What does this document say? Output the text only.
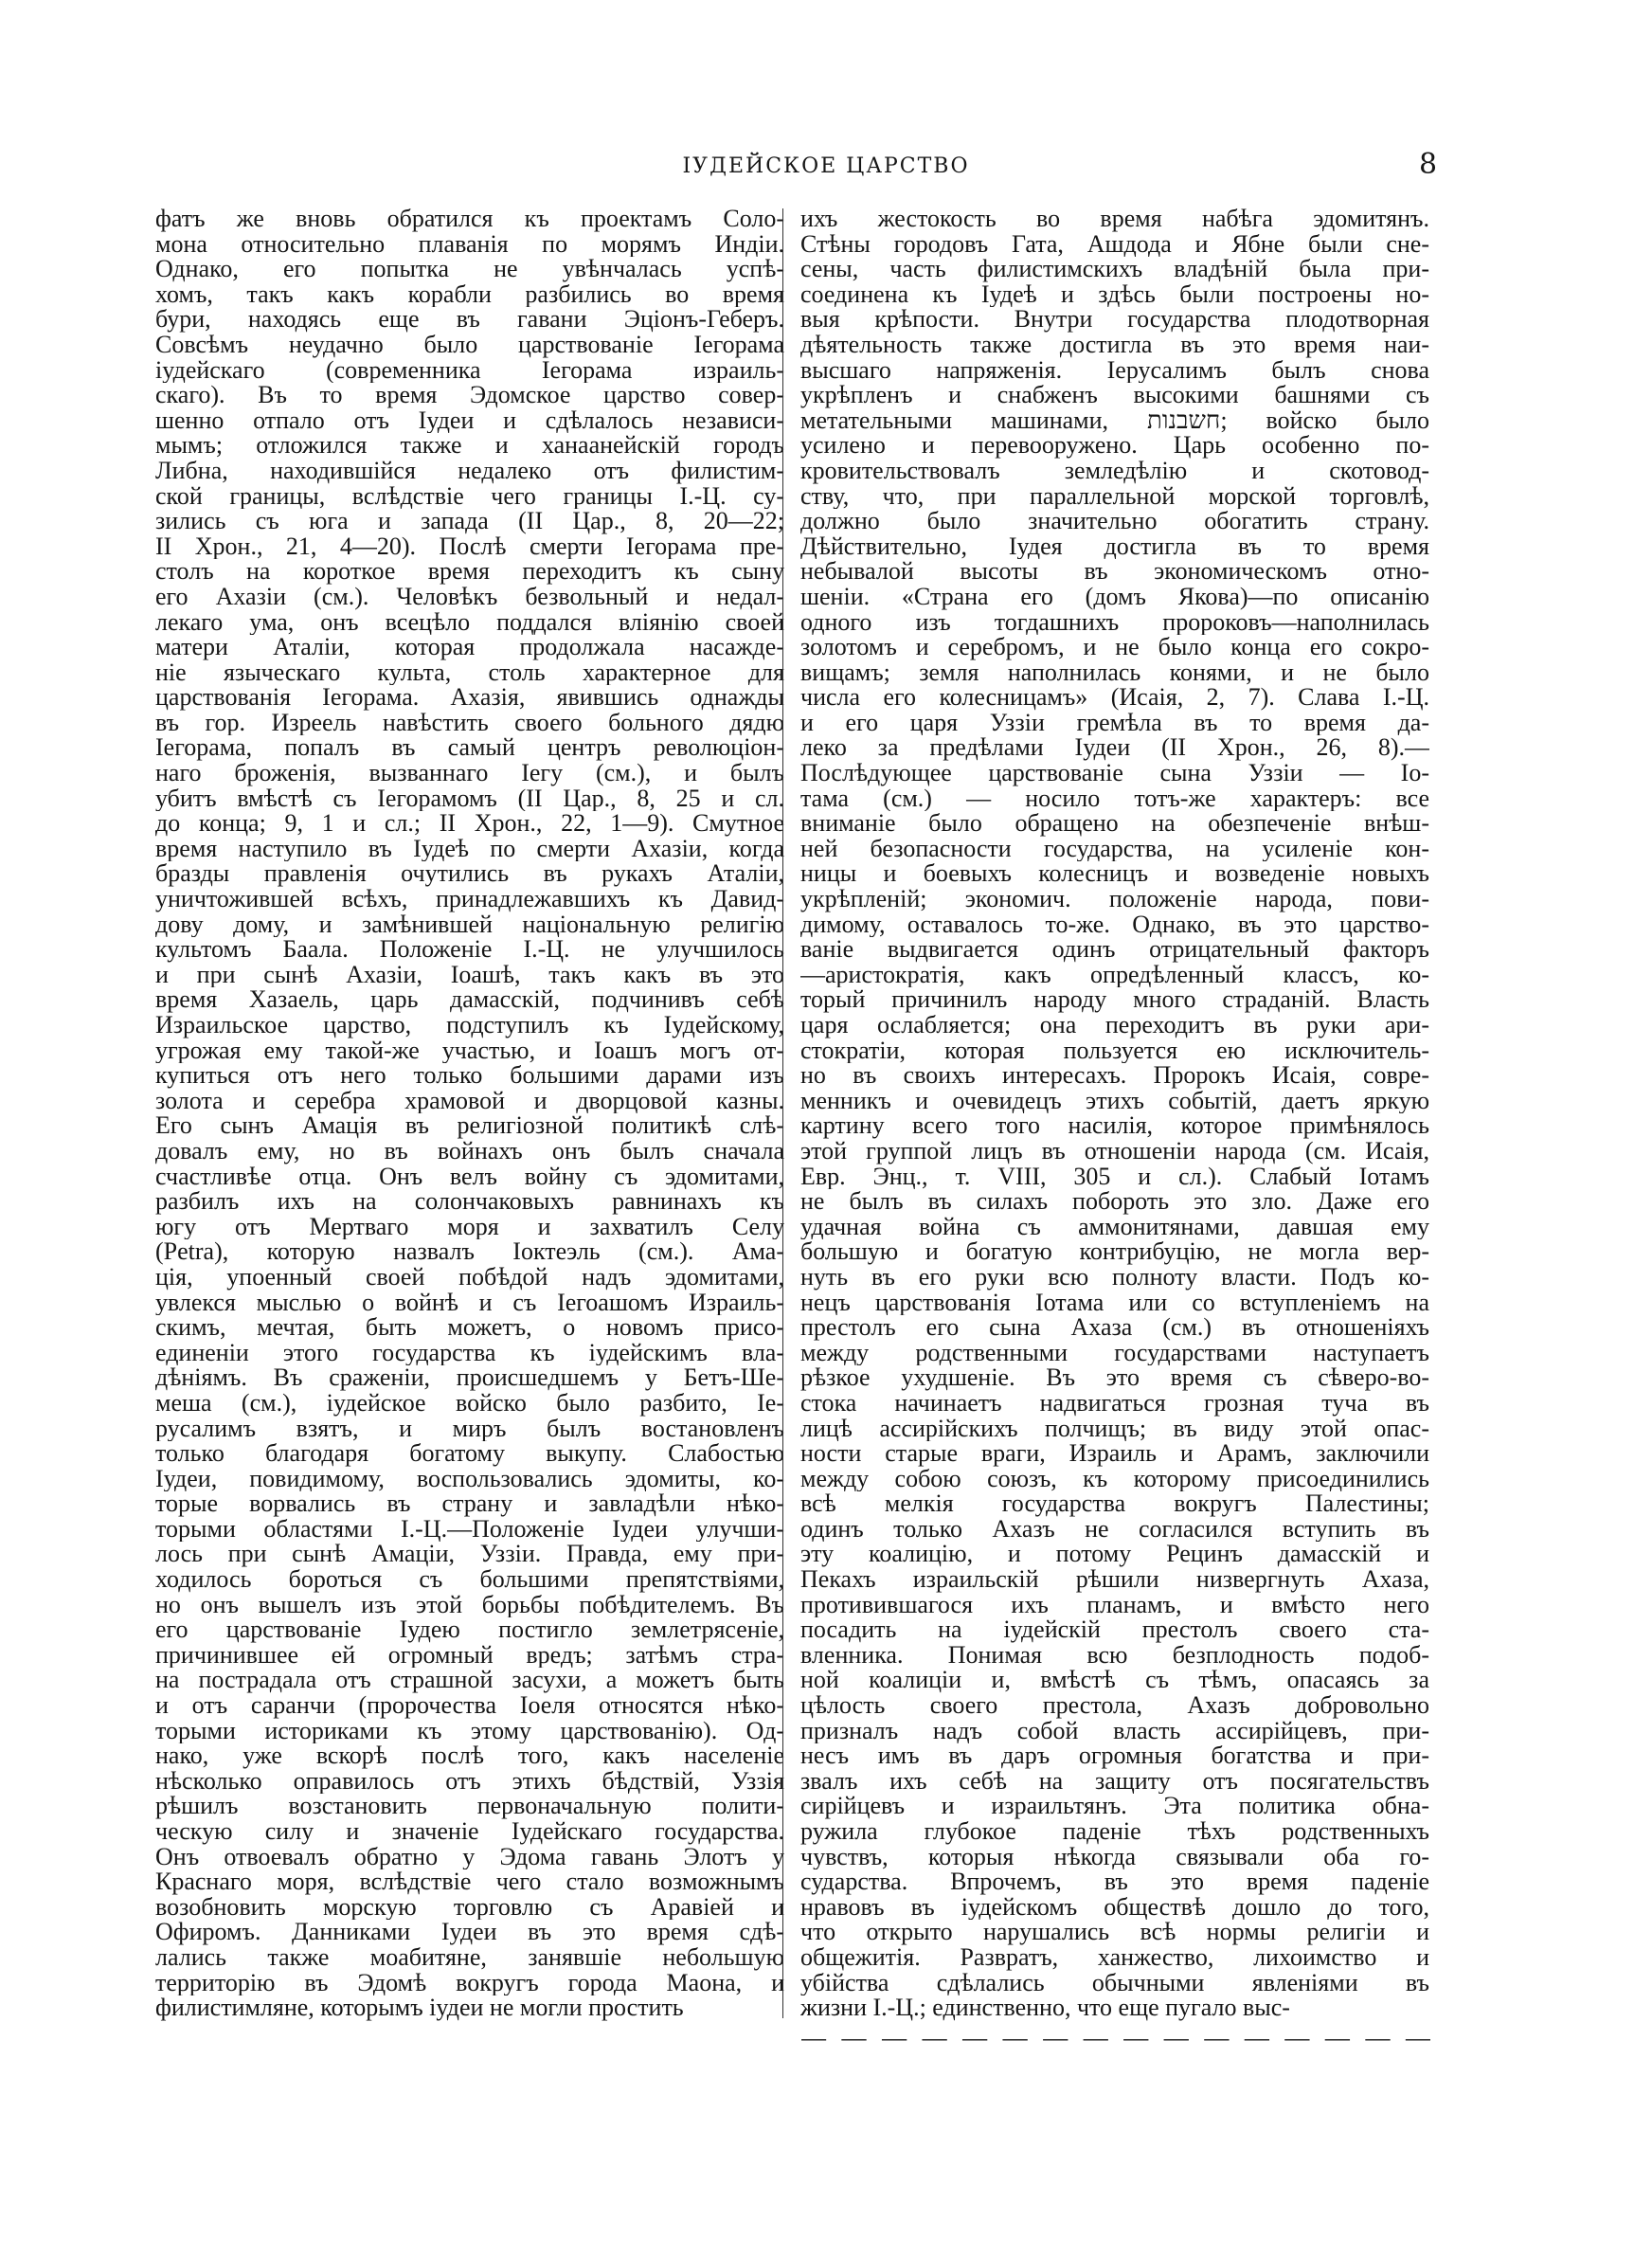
ІУДЕЙСКОЕ ЦАРСТВО	8
фатъ же вновь обратился къ проектамъ Соло-
мона относительно плаванія по морямъ Индіи.
Однако, его попытка не увѣнчалась успѣ-
хомъ, такъ какъ корабли разбились во время
бури, находясь еще въ гавани Эціонъ-Геберъ.
Совсѣмъ неудачно было царствованіе Іегорама
іудейскаго (современника Іегорама израиль-
скаго). Въ то время Эдомское царство совер-
шенно отпало отъ Іудеи и сдѣлалось независи-
мымъ; отложился также и ханаанейскій городъ
Либна, находившійся недалеко отъ филистим-
ской границы, вслѣдствіе чего границы І.-Ц. су-
зились съ юга и запада (II Цар., 8, 20—22;
II Хрон., 21, 4—20). Послѣ смерти Іегорама пре-
столъ на короткое время переходитъ къ сыну
его Ахазіи (см.). Человѣкъ безвольный и недал-
лекаго ума, онъ всецѣло поддался вліянію своей
матери Аталіи, которая продолжала насажде-
ніе языческаго культа, столь характерное для
царствованія Іегорама. Ахазія, явившись однажды
въ гор. Изреель навѣстить своего больного дядю
Іегорама, попалъ въ самый центръ революціон-
наго броженія, вызваннаго Іегу (см.), и былъ
убитъ вмѣстѣ съ Іегорамомъ (II Цар., 8, 25 и сл.
до конца; 9, 1 и сл.; II Хрон., 22, 1—9). Смутное
время наступило въ Іудеѣ по смерти Ахазіи, когда
бразды правленія очутились въ рукахъ Аталіи,
уничтожившей всѣхъ, принадлежавшихъ къ Давид-
дову дому, и замѣнившей національную религію
культомъ Баала. Положеніе І.-Ц. не улучшилось
и при сынѣ Ахазіи, Іоашѣ, такъ какъ въ это
время Хазаель, царь дамасскій, подчинивъ себѣ
Израильское царство, подступилъ къ Іудейскому,
угрожая ему такой-же участью, и Іоашъ могъ от-
купиться отъ него только большими дарами изъ
золота и серебра храмовой и дворцовой казны.
Его сынъ Амація въ религіозной политикѣ слѣ-
довалъ ему, но въ войнахъ онъ былъ сначала
счастливѣе отца. Онъ велъ войну съ эдомитами,
разбилъ ихъ на солончаковыхъ равнинахъ къ
югу отъ Мертваго моря и захватилъ Селу
(Petra), которую назвалъ Іоктеэль (см.). Ама-
ція, упоенный своей побѣдой надъ эдомитами,
увлекся мыслью о войнѣ и съ Іегоашомъ Израиль-
скимъ, мечтая, быть можетъ, о новомъ присо-
единеніи этого государства къ іудейскимъ вла-
дѣніямъ. Въ сраженіи, происшедшемъ у Бетъ-Ше-
меша (см.), іудейское войско было разбито, Іе-
русалимъ взятъ, и миръ былъ востановленъ
только благодаря богатому выкупу. Слабостью
Іудеи, повидимому, воспользовались эдомиты, ко-
торые ворвались въ страну и завладѣли нѣко-
торыми областями І.-Ц.—Положеніе Іудеи улучши-
лось при сынѣ Амаціи, Уззіи. Правда, ему при-
ходилось бороться съ большими препятствіями,
но онъ вышелъ изъ этой борьбы побѣдителемъ. Въ
его царствованіе Іудею постигло землетрясеніе,
причинившее ей огромный вредъ; затѣмъ стра-
на пострадала отъ страшной засухи, а можетъ быть
и отъ саранчи (пророчества Іоеля относятся нѣко-
торыми историками къ этому царствованію). Од-
нако, уже вскорѣ послѣ того, какъ населеніе
нѣсколько оправилось отъ этихъ бѣдствій, Уззія
рѣшилъ возстановить первоначальную полити-
ческую силу и значеніе Іудейскаго государства.
Онъ отвоевалъ обратно у Эдома гавань Элотъ у
Краснаго моря, вслѣдствіе чего стало возможнымъ
возобновить морскую торговлю съ Аравіей и
Офиромъ. Данниками Іудеи въ это время сдѣ-
лались также моабитяне, занявшіе небольшую
территорію въ Эдомѣ вокругъ города Маона, и
филистимляне, которымъ іудеи не могли простить
ихъ жестокость во время набѣга эдомитянъ.
Стѣны городовъ Гата, Ашдода и Ябне были сне-
сены, часть филистимскихъ владѣній была при-
соединена къ Іудеѣ и здѣсь были построены но-
выя крѣпости. Внутри государства плодотворная
дѣятельность также достигла въ это время наи-
высшаго напряженія. Іерусалимъ былъ снова
укрѣпленъ и снабженъ высокими башнями съ
метательными машинами, חשבנות; войско было
усилено и перевооружено. Царь особенно по-
кровительствовалъ земледѣлію и скотовод-
ству, что, при параллельной морской торговлѣ,
должно было значительно обогатить страну.
Дѣйствительно, Іудея достигла въ то время
небывалой высоты въ экономическомъ отно-
шеніи. «Страна его (домъ Якова)—по описанію
одного изъ тогдашнихъ пророковъ—наполнилась
золотомъ и серебромъ, и не было конца его сокро-
вищамъ; земля наполнилась конями, и не было
числа его колесницамъ» (Исаія, 2, 7). Слава І.-Ц.
и его царя Уззіи гремѣла въ то время да-
леко за предѣлами Іудеи (II Хрон., 26, 8).—
Послѣдующее царствованіе сына Уззіи — Іо-
тама (см.) — носило тотъ-же характеръ: все
вниманіе было обращено на обезпеченіе внѣш-
ней безопасности государства, на усиленіе кон-
ницы и боевыхъ колесницъ и возведеніе новыхъ
укрѣпленій; экономич. положеніе народа, пови-
димому, оставалось то-же. Однако, въ это царство-
ваніе выдвигается одинъ отрицательный факторъ
—аристократія, какъ опредѣленный классъ, ко-
торый причинилъ народу много страданій. Власть
царя ослабляется; она переходитъ въ руки ари-
стократіи, которая пользуется ею исключитель-
но въ своихъ интересахъ. Пророкъ Исаія, совре-
менникъ и очевидецъ этихъ событій, даетъ яркую
картину всего того насилія, которое примѣнялось
этой группой лицъ въ отношеніи народа (см. Исаія,
Евр. Энц., т. VIII, 305 и сл.). Слабый Іотамъ
не былъ въ силахъ побороть это зло. Даже его
удачная война съ аммонитянами, давшая ему
большую и богатую контрибуцію, не могла вер-
нуть въ его руки всю полноту власти. Подъ ко-
нецъ царствованія Іотама или со вступленіемъ на
престолъ его сына Ахаза (см.) въ отношеніяхъ
между родственными государствами наступаетъ
рѣзкое ухудшеніе. Въ это время съ сѣверо-во-
стока начинаетъ надвигаться грозная туча въ
лицѣ ассирійскихъ полчищъ; въ виду этой опас-
ности старые враги, Израиль и Арамъ, заключили
между собою союзъ, къ которому присоединились
всѣ мелкія государства вокругъ Палестины;
одинъ только Ахазъ не согласился вступить въ
эту коалицію, и потому Рецинъ дамасскій и
Пекахъ израильскій рѣшили низвергнуть Ахаза,
противившагося ихъ планамъ, и вмѣсто него
посадить на іудейскій престолъ своего ста-
вленника. Понимая всю безплодность подоб-
ной коалиціи и, вмѣстѣ съ тѣмъ, опасаясь за
цѣлость своего престола, Ахазъ добровольно
призналъ надъ собой власть ассирійцевъ, при-
несъ имъ въ даръ огромныя богатства и при-
звалъ ихъ себѣ на защиту отъ посягательствъ
сирійцевъ и израильтянъ. Эта политика обна-
ружила глубокое паденіе тѣхъ родственныхъ
чувствъ, которыя нѣкогда связывали оба го-
сударства. Впрочемъ, въ это время паденіе
нравовъ въ іудейскомъ обществѣ дошло до того,
что открыто нарушались всѣ нормы религіи и
общежитія. Развратъ, ханжество, лихоимство и
убійства сдѣлались обычными явленіями въ
жизни І.-Ц.; единственно, что еще пугало выс-
— — — — — — — — — — — — — — — —
